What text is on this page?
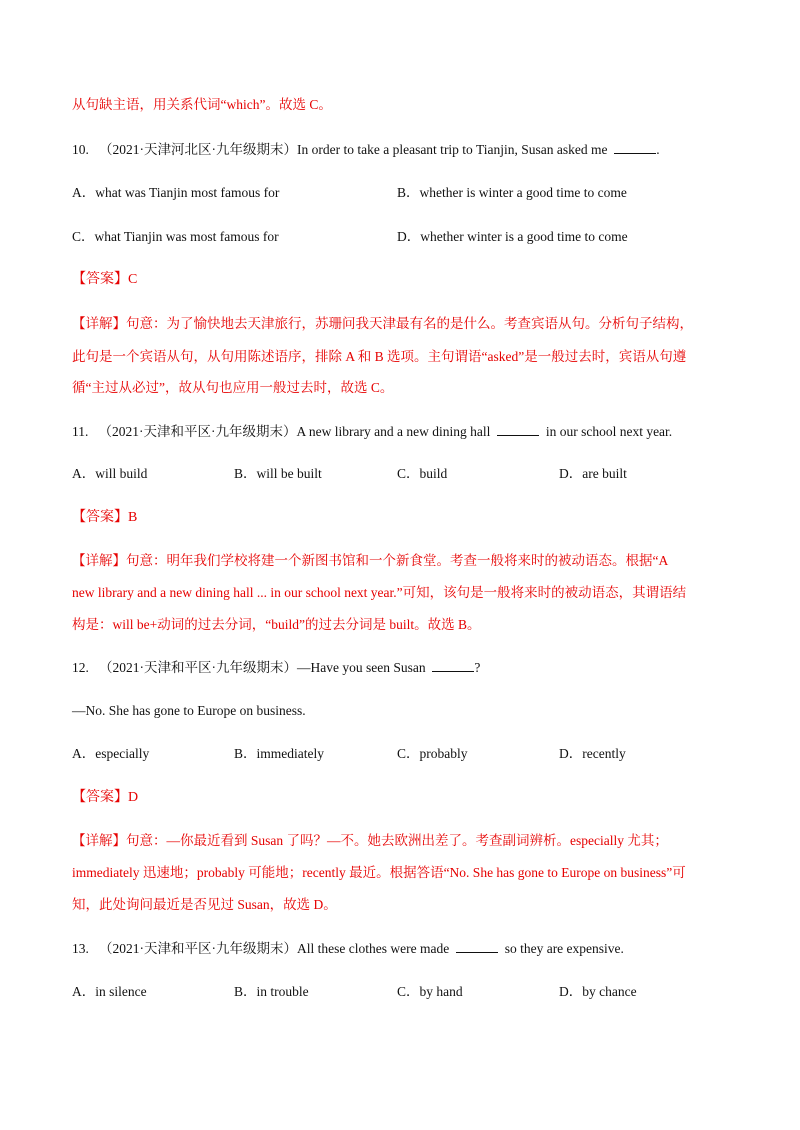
从句缺主语，用关系代词“which”。故选 C。
10. （2021·天津河北区·九年级期末）In order to take a pleasant trip to Tianjin, Susan asked me	.
A．what was Tianjin most famous for	B．whether is winter a good time to come
C．what Tianjin was most famous for	D．whether winter is a good time to come
【答案】C
【详解】句意：为了愉快地去天津旅行，苏珊问我天津最有名的是什么。考查宾语从句。分析句子结构，
此句是一个宾语从句，从句用陈述语序，排除 A 和 B 选项。主句谓语“asked”是一般过去时，宾语从句遵
循“主过从必过”，故从句也应用一般过去时，故选 C。
11. （2021·天津和平区·九年级期末）A new library and a new dining hall	in our school next year.
A．will build	B．will be built	C．build	D．are built
【答案】B
【详解】句意：明年我们学校将建一个新图书馆和一个新食堂。考查一般将来时的被动语态。根据“A
new library and a new dining hall ... in our school next year.”可知，该句是一般将来时的被动语态，其谓语结
构是：will be+动词的过去分词，“build”的过去分词是 built。故选 B。
12. （2021·天津和平区·九年级期末）—Have you seen Susan	?
—No. She has gone to Europe on business.
A．especially	B．immediately	C．probably	D．recently
【答案】D
【详解】句意：—你最近看到 Susan 了吗？—不。她去欧洲出差了。考查副词辨析。especially 尤其；
immediately 迅速地；probably 可能地；recently 最近。根据答语“No. She has gone to Europe on business”可
知，此处询问最近是否见过 Susan，故选 D。
13. （2021·天津和平区·九年级期末）All these clothes were made	so they are expensive.
A．in silence	B．in trouble	C．by hand	D．by chance
